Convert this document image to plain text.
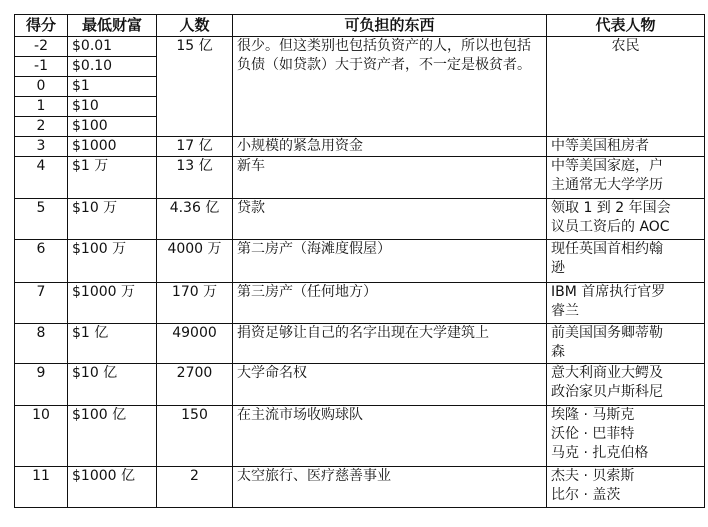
得分	最低财富	人数	可负担的东西	代表人物
-2	$0.01	15 亿	很少。但这类别也包括负资产的人，所以也包括负债（如贷款）大于资产者，不一定是极贫者。	农民
-1	$0.10			
0	$1			
1	$10			
2	$100			
3	$1000	17 亿	小规模的紧急用资金	中等美国租房者

4	$1 万	13 亿	新车	中等美国家庭，户
主通常无大学学历

5	$10 万	4.36 亿	贷款	领取 1 到 2 年国会
议员工资后的 AOC

6	$100 万	4000 万	第二房产（海滩度假屋）	现任英国首相约翰
逊

7	$1000 万	170 万	第三房产（任何地方）	IBM 首席执行官罗
睿兰

8	$1 亿	49000	捐资足够让自己的名字出现在大学建筑上	前美国国务卿蒂勒
森

9	$10 亿	2700	大学命名权	意大利商业大鳄及
政治家贝卢斯科尼

10	$100 亿	150	在主流市场收购球队	埃隆 · 马斯克
沃伦 · 巴菲特
马克 · 扎克伯格

11	$1000 亿	2	太空旅行、医疗慈善事业	杰夫 · 贝索斯
比尔 · 盖茨
